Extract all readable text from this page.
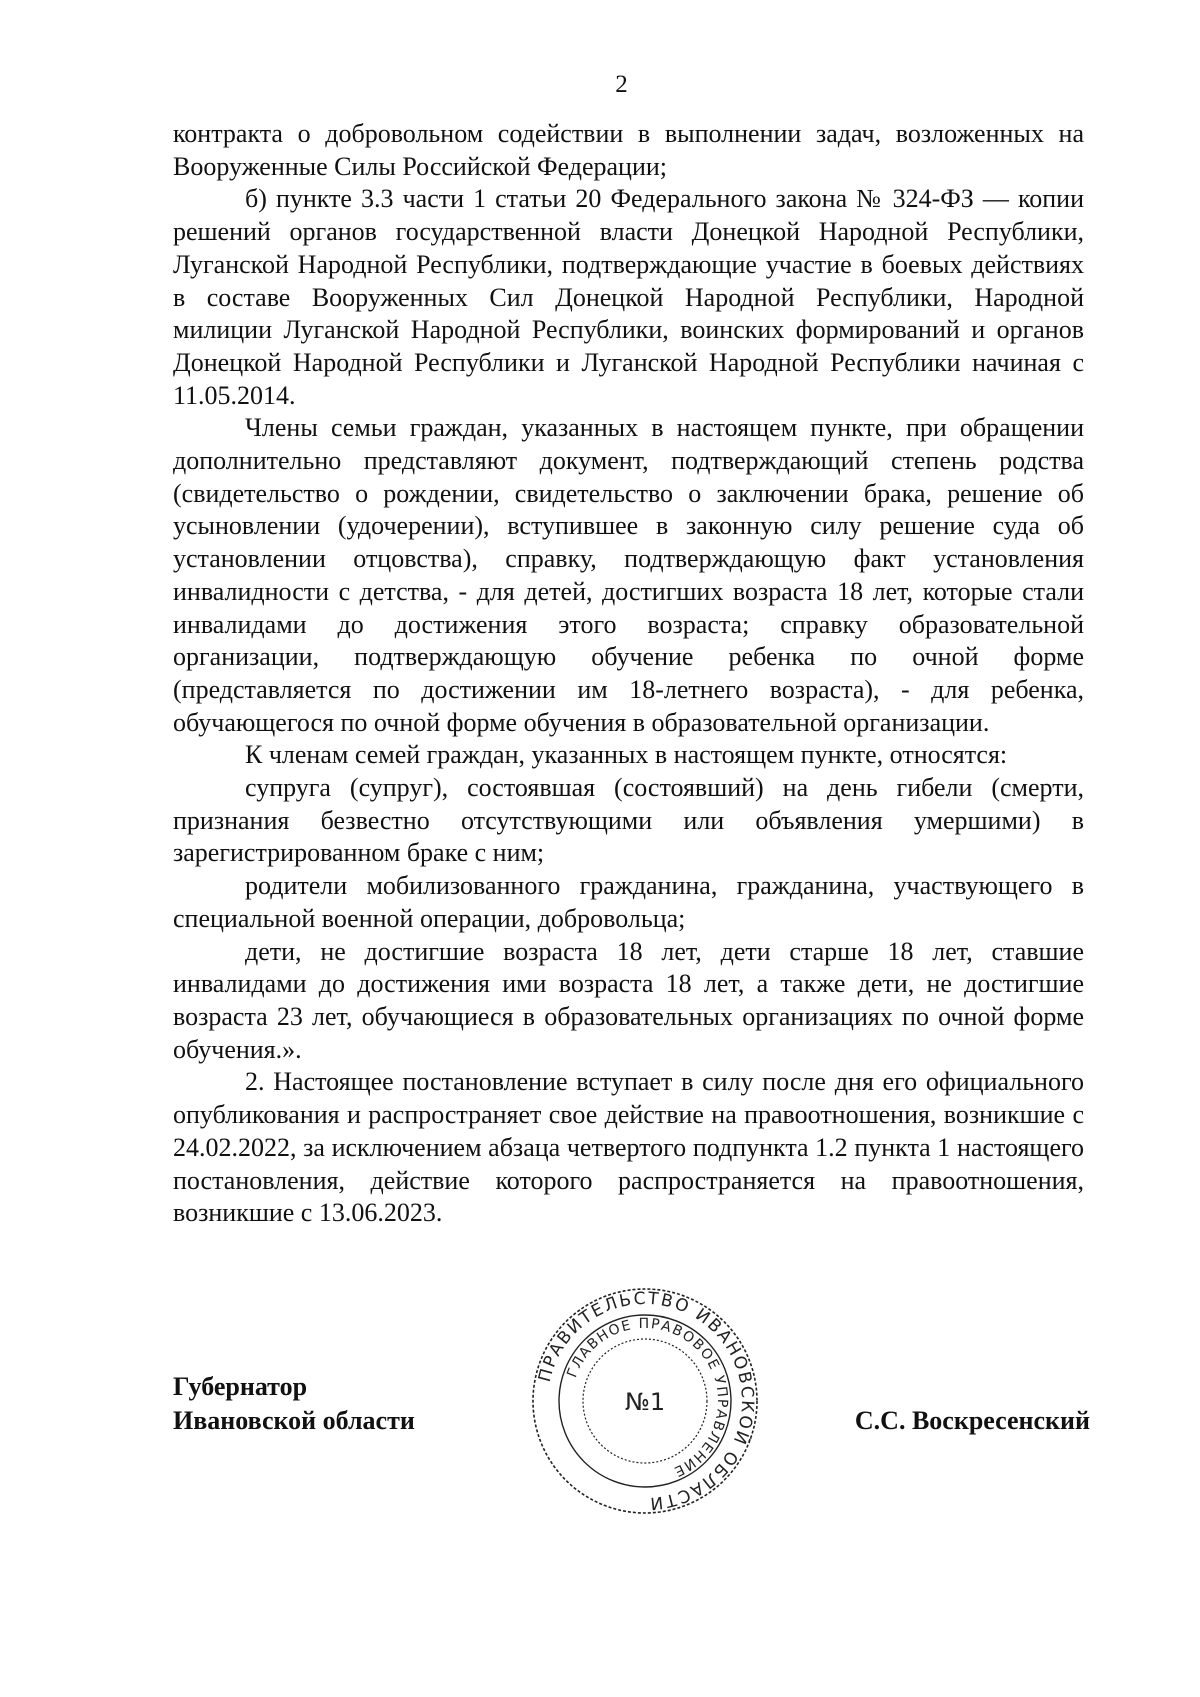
2

контракта о добровольном содействии в выполнении задач, возложенных на Вооруженные Силы Российской Федерации;

б) пункте 3.3 части 1 статьи 20 Федерального закона № 324-ФЗ — копии решений органов государственной власти Донецкой Народной Республики, Луганской Народной Республики, подтверждающие участие в боевых действиях в составе Вооруженных Сил Донецкой Народной Республики, Народной милиции Луганской Народной Республики, воинских формирований и органов Донецкой Народной Республики и Луганской Народной Республики начиная с 11.05.2014.

Члены семьи граждан, указанных в настоящем пункте, при обращении дополнительно представляют документ, подтверждающий степень родства (свидетельство о рождении, свидетельство о заключении брака, решение об усыновлении (удочерении), вступившее в законную силу решение суда об установлении отцовства), справку, подтверждающую факт установления инвалидности с детства, - для детей, достигших возраста 18 лет, которые стали инвалидами до достижения этого возраста; справку образовательной организации, подтверждающую обучение ребенка по очной форме (представляется по достижении им 18-летнего возраста), - для ребенка, обучающегося по очной форме обучения в образовательной организации.

К членам семей граждан, указанных в настоящем пункте, относятся:

супруга (супруг), состоявшая (состоявший) на день гибели (смерти, признания безвестно отсутствующими или объявления умершими) в зарегистрированном браке с ним;

родители мобилизованного гражданина, гражданина, участвующего в специальной военной операции, добровольца;

дети, не достигшие возраста 18 лет, дети старше 18 лет, ставшие инвалидами до достижения ими возраста 18 лет, а также дети, не достигшие возраста 23 лет, обучающиеся в образовательных организациях по очной форме обучения.».

2. Настоящее постановление вступает в силу после дня его официального опубликования и распространяет свое действие на правоотношения, возникшие с 24.02.2022, за исключением абзаца четвертого подпункта 1.2 пункта 1 настоящего постановления, действие которого распространяется на правоотношения, возникшие с 13.06.2023.

Губернатор
Ивановской области	С.С. Воскресенский
ПРАВИТЕЛЬСТВО ИВАНОВСКОЙ ОБЛАСТИ
ГЛАВНОЕ ПРАВОВОЕ УПРАВЛЕНИЕ
№1
